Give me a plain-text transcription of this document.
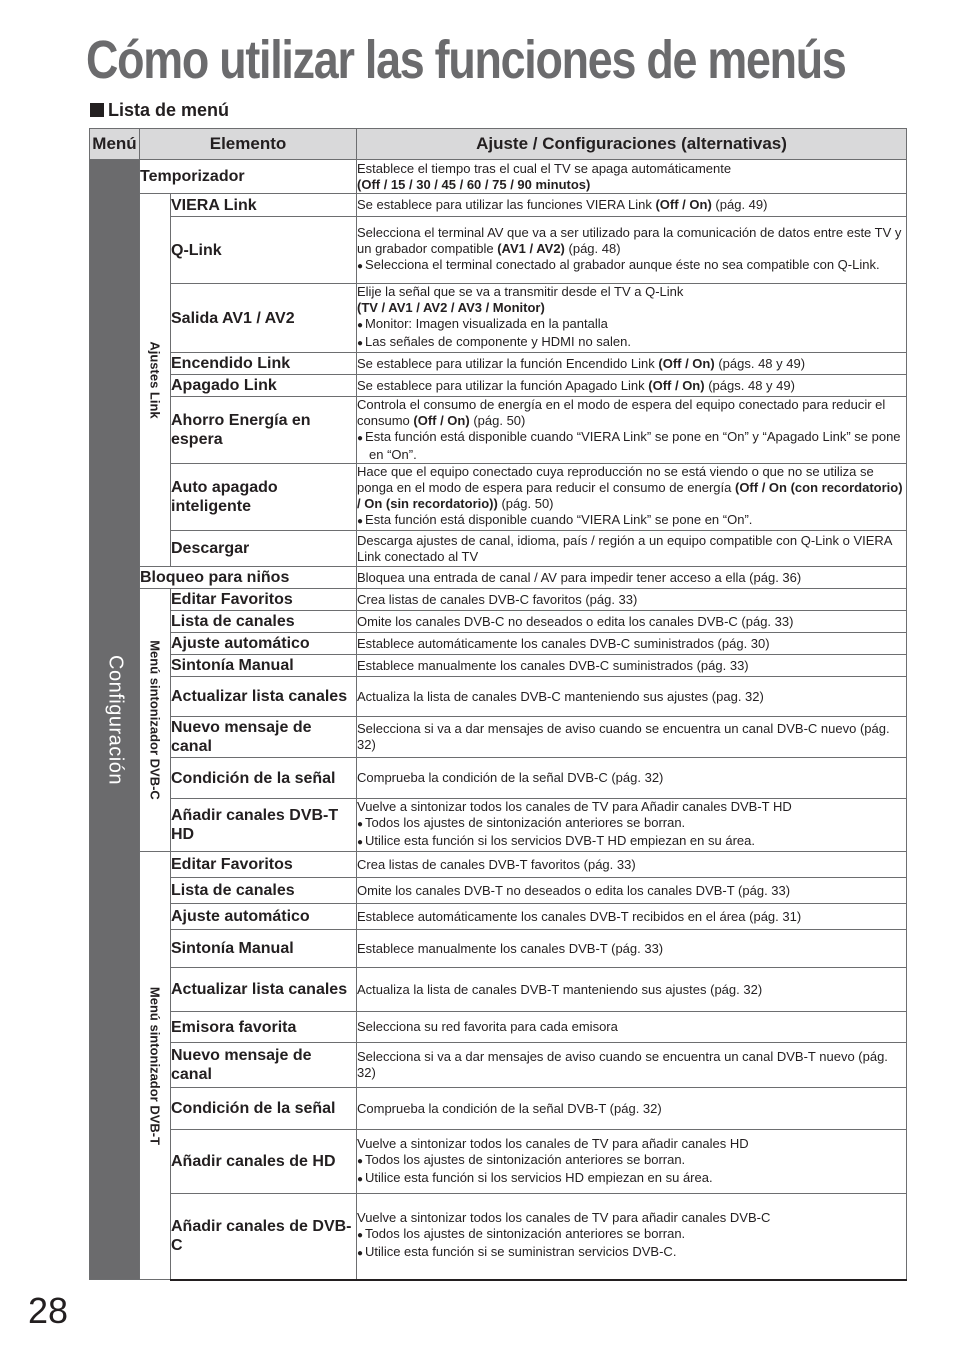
Cómo utilizar las funciones de menús
Lista de menú
Menú	Elemento		Ajuste / Configuraciones (alternativas)

Configuración	Temporizador		Establece el tiempo tras el cual el TV se apaga automáticamente
(Off / 15 / 30 / 45 / 60 / 75 / 90 minutos)

	Ajustes Link	VIERA Link	Se establece para utilizar las funciones VIERA Link (Off / On) (pág. 49)
		Q-Link	Selecciona el terminal AV que va a ser utilizado para la comunicación de datos entre este TV y un grabador compatible (AV1 / AV2) (pág. 48)
● Selecciona el terminal conectado al grabador aunque éste no sea compatible con Q-Link.

		Salida AV1 / AV2	Elije la señal que se va a transmitir desde el TV a Q-Link
(TV / AV1 / AV2 / AV3 / Monitor)
● Monitor: Imagen visualizada en la pantalla
● Las señales de componente y HDMI no salen.

		Encendido Link	Se establece para utilizar la función Encendido Link (Off / On) (págs. 48 y 49)
		Apagado Link	Se establece para utilizar la función Apagado Link (Off / On) (págs. 48 y 49)
		Ahorro Energía en espera	Controla el consumo de energía en el modo de espera del equipo conectado para reducir el consumo (Off / On) (pág. 50)
● Esta función está disponible cuando “VIERA Link” se pone en “On” y “Apagado Link” se pone en “On”.

		Auto apagado inteligente	Hace que el equipo conectado cuya reproducción no se está viendo o que no se utiliza se ponga en el modo de espera para reducir el consumo de energía (Off / On (con recordatorio) / On (sin recordatorio)) (pág. 50)
● Esta función está disponible cuando “VIERA Link” se pone en “On”.

		Descargar	Descarga ajustes de canal, idioma, país / región a un equipo compatible con Q-Link o VIERA Link conectado al TV
	Bloqueo para niños		Bloquea una entrada de canal / AV para impedir tener acceso a ella (pág. 36)

	Menú sintonizador DVB-C	Editar Favoritos	Crea listas de canales DVB-C favoritos (pág. 33)
		Lista de canales	Omite los canales DVB-C no deseados o edita los canales DVB-C (pág. 33)
		Ajuste automático	Establece automáticamente los canales DVB-C suministrados (pág. 30)
		Sintonía Manual	Establece manualmente los canales DVB-C suministrados (pág. 33)
		Actualizar lista canales	Actualiza la lista de canales DVB-C manteniendo sus ajustes (pag. 32)
		Nuevo mensaje de canal	Selecciona si va a dar mensajes de aviso cuando se encuentra un canal DVB-C nuevo (pág. 32)
		Condición de la señal	Comprueba la condición de la señal DVB-C (pág. 32)
		Añadir canales DVB-T HD	Vuelve a sintonizar todos los canales de TV para Añadir canales DVB-T HD
● Todos los ajustes de sintonización anteriores se borran.
● Utilice esta función si los servicios DVB-T HD empiezan en su área.

	Menú sintonizador DVB-T	Editar Favoritos	Crea listas de canales DVB-T favoritos (pág. 33)
		Lista de canales	Omite los canales DVB-T no deseados o edita los canales DVB-T (pág. 33)
		Ajuste automático	Establece automáticamente los canales DVB-T recibidos en el área (pág. 31)
		Sintonía Manual	Establece manualmente los canales DVB-T (pág. 33)
		Actualizar lista canales	Actualiza la lista de canales DVB-T manteniendo sus ajustes (pág. 32)
		Emisora favorita	Selecciona su red favorita para cada emisora
		Nuevo mensaje de canal	Selecciona si va a dar mensajes de aviso cuando se encuentra un canal DVB-T nuevo (pág. 32)
		Condición de la señal	Comprueba la condición de la señal DVB-T (pág. 32)
		Añadir canales de HD	Vuelve a sintonizar todos los canales de TV para añadir canales HD
● Todos los ajustes de sintonización anteriores se borran.
● Utilice esta función si los servicios HD empiezan en su área.

		Añadir canales de DVB-C	Vuelve a sintonizar todos los canales de TV para añadir canales DVB-C
● Todos los ajustes de sintonización anteriores se borran.
● Utilice esta función si se suministran servicios DVB-C.
28
